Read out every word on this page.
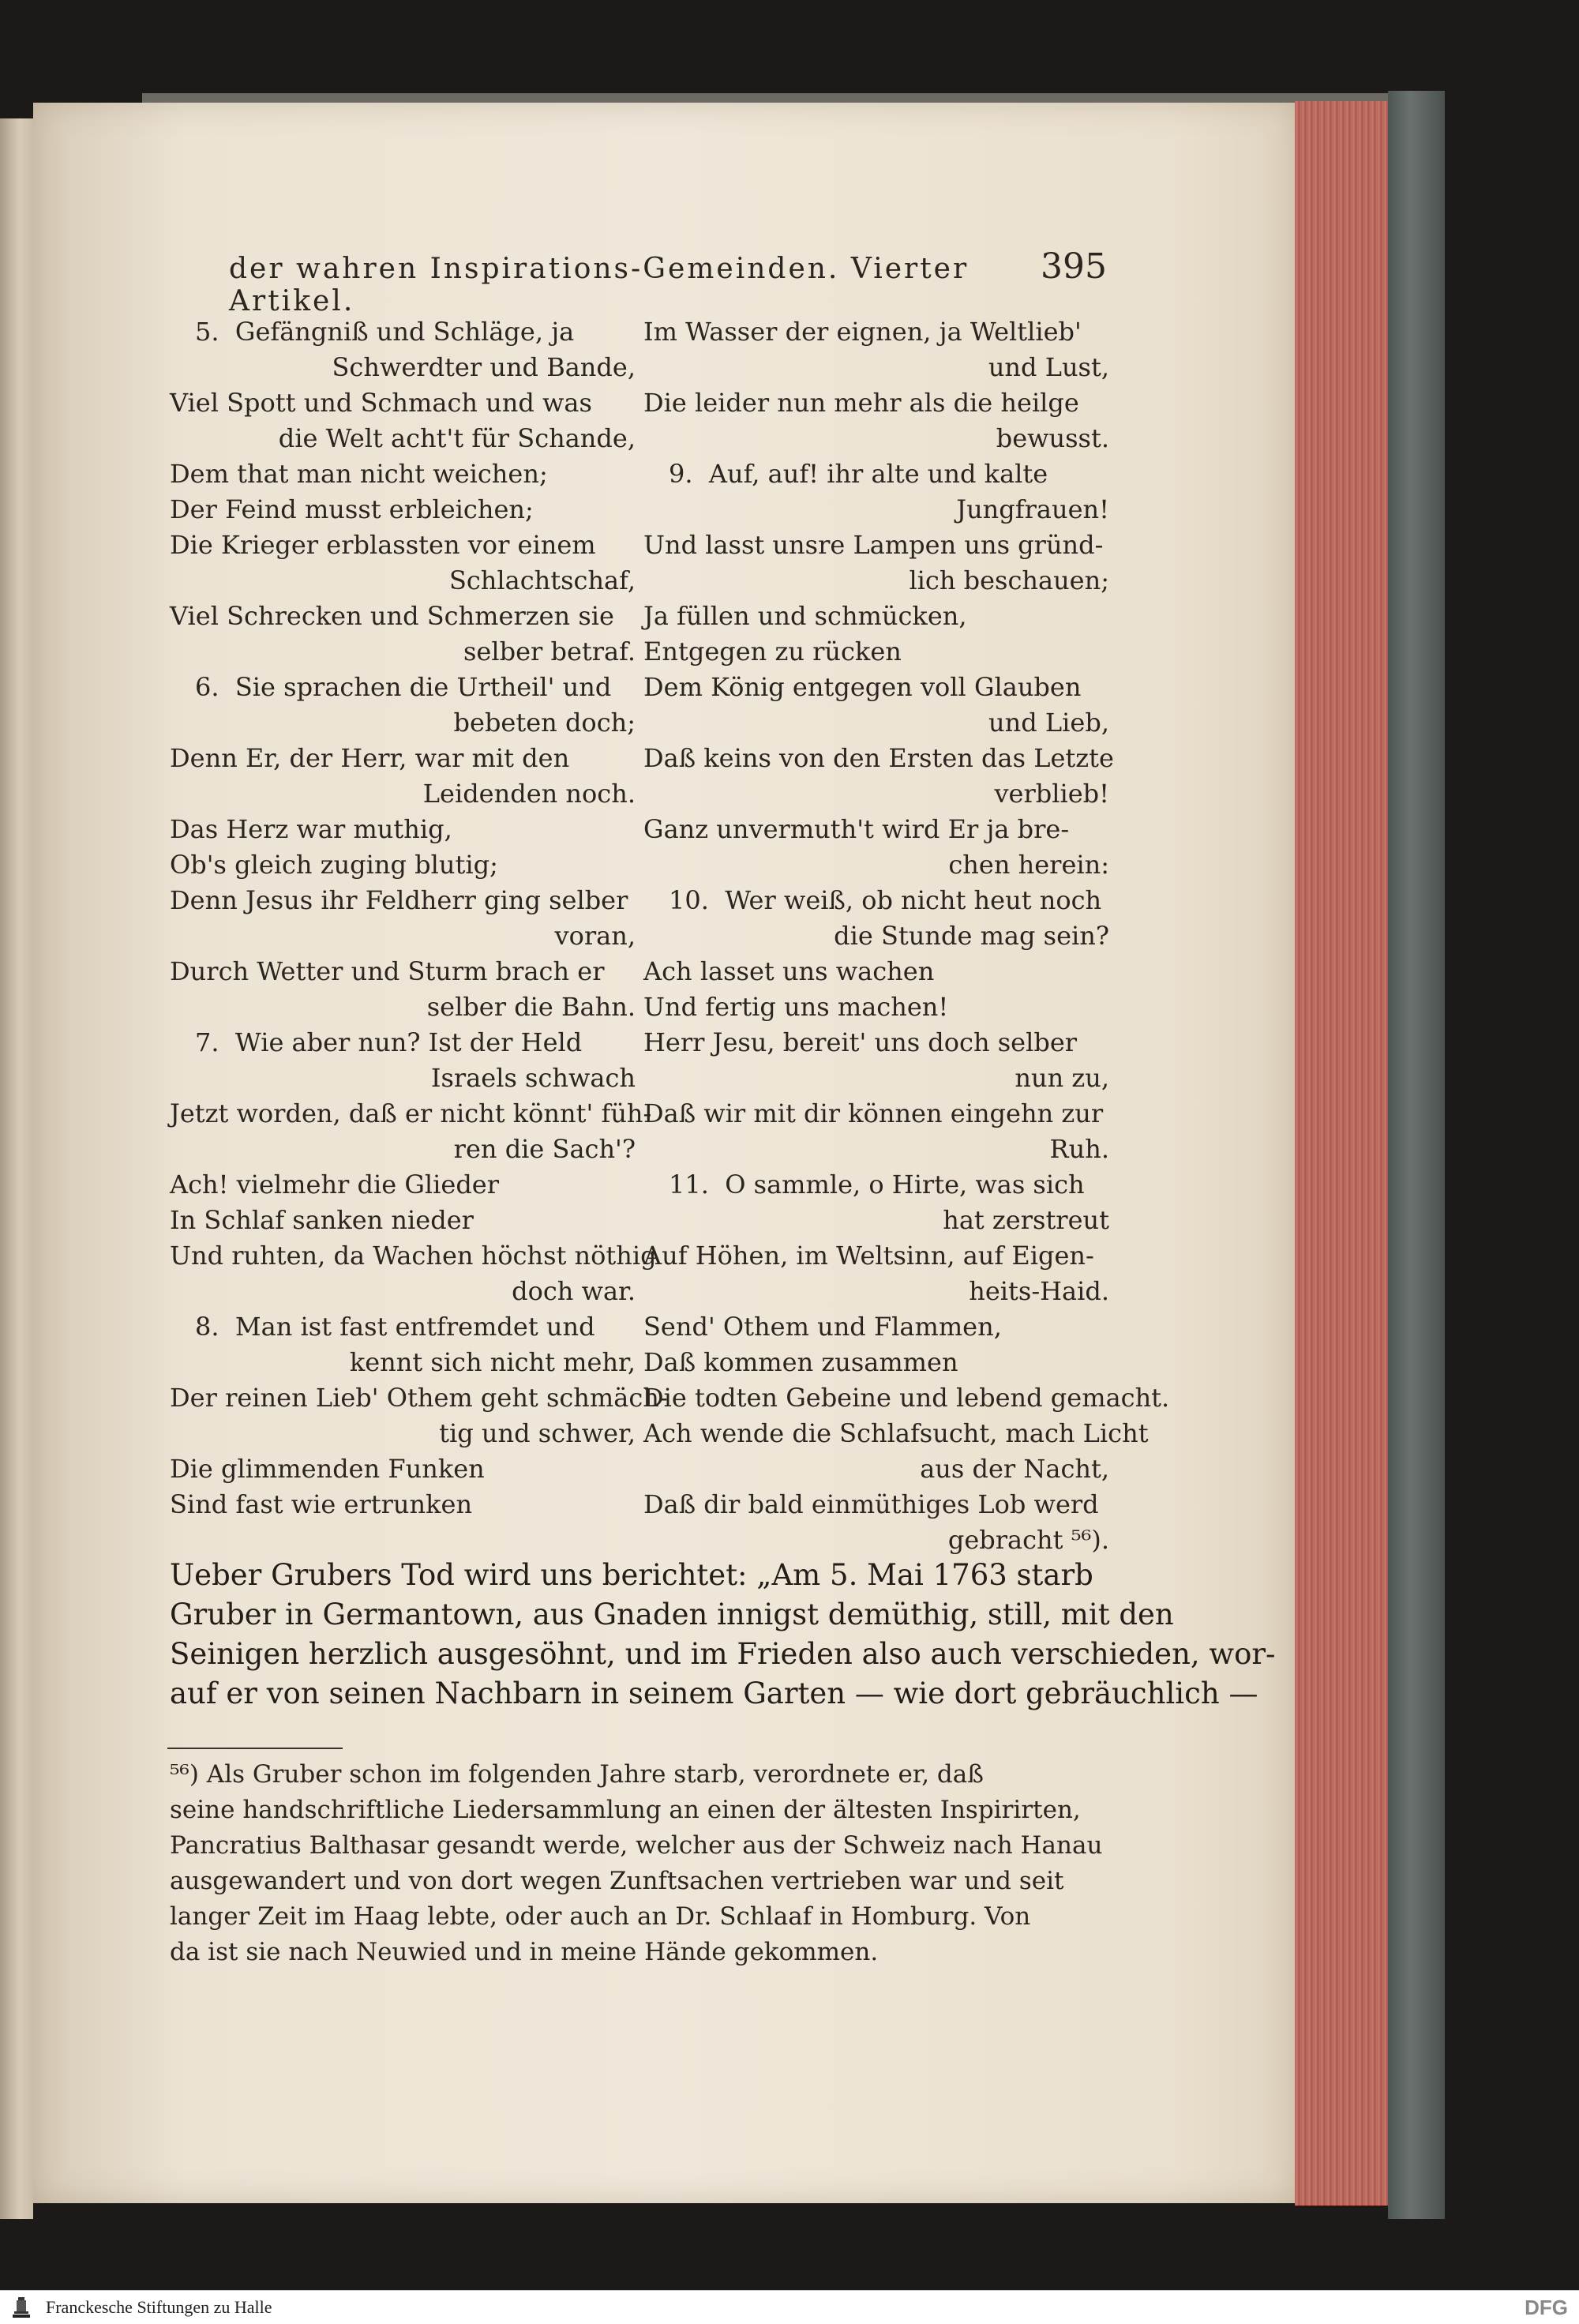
der wahren Inspirations-Gemeinden. Vierter Artikel.
395
5.  Gefängniß und Schläge, ja
Schwerdter und Bande,
Viel Spott und Schmach und was
die Welt acht't für Schande,
Dem that man nicht weichen;
Der Feind musst erbleichen;
Die Krieger erblassten vor einem
Schlachtschaf,
Viel Schrecken und Schmerzen sie
selber betraf.
6.  Sie sprachen die Urtheil' und
bebeten doch;
Denn Er, der Herr, war mit den
Leidenden noch.
Das Herz war muthig,
Ob's gleich zuging blutig;
Denn Jesus ihr Feldherr ging selber
voran,
Durch Wetter und Sturm brach er
selber die Bahn.
7.  Wie aber nun? Ist der Held
Israels schwach
Jetzt worden, daß er nicht könnt' füh-
ren die Sach'?
Ach! vielmehr die Glieder
In Schlaf sanken nieder
Und ruhten, da Wachen höchst nöthig
doch war.
8.  Man ist fast entfremdet und
kennt sich nicht mehr,
Der reinen Lieb' Othem geht schmäch-
tig und schwer,
Die glimmenden Funken
Sind fast wie ertrunken
Im Wasser der eignen, ja Weltlieb'
und Lust,
Die leider nun mehr als die heilge
bewusst.
9.  Auf, auf! ihr alte und kalte
Jungfrauen!
Und lasst unsre Lampen uns gründ-
lich beschauen;
Ja füllen und schmücken,
Entgegen zu rücken
Dem König entgegen voll Glauben
und Lieb,
Daß keins von den Ersten das Letzte
verblieb!
Ganz unvermuth't wird Er ja bre-
chen herein:
10.  Wer weiß, ob nicht heut noch
die Stunde mag sein?
Ach lasset uns wachen
Und fertig uns machen!
Herr Jesu, bereit' uns doch selber
nun zu,
Daß wir mit dir können eingehn zur
Ruh.
11.  O sammle, o Hirte, was sich
hat zerstreut
Auf Höhen, im Weltsinn, auf Eigen-
heits-Haid.
Send' Othem und Flammen,
Daß kommen zusammen
Die todten Gebeine und lebend gemacht.
Ach wende die Schlafsucht, mach Licht
aus der Nacht,
Daß dir bald einmüthiges Lob werd
gebracht ⁵⁶).
Ueber Grubers Tod wird uns berichtet: „Am 5. Mai 1763 starb
Gruber in Germantown, aus Gnaden innigst demüthig, still, mit den
Seinigen herzlich ausgesöhnt, und im Frieden also auch verschieden, wor-
auf er von seinen Nachbarn in seinem Garten — wie dort gebräuchlich —
⁵⁶) Als Gruber schon im folgenden Jahre starb, verordnete er, daß
seine handschriftliche Liedersammlung an einen der ältesten Inspirirten,
Pancratius Balthasar gesandt werde, welcher aus der Schweiz nach Hanau
ausgewandert und von dort wegen Zunftsachen vertrieben war und seit
langer Zeit im Haag lebte, oder auch an Dr. Schlaaf in Homburg. Von
da ist sie nach Neuwied und in meine Hände gekommen.
Franckesche Stiftungen zu Halle	DFG
